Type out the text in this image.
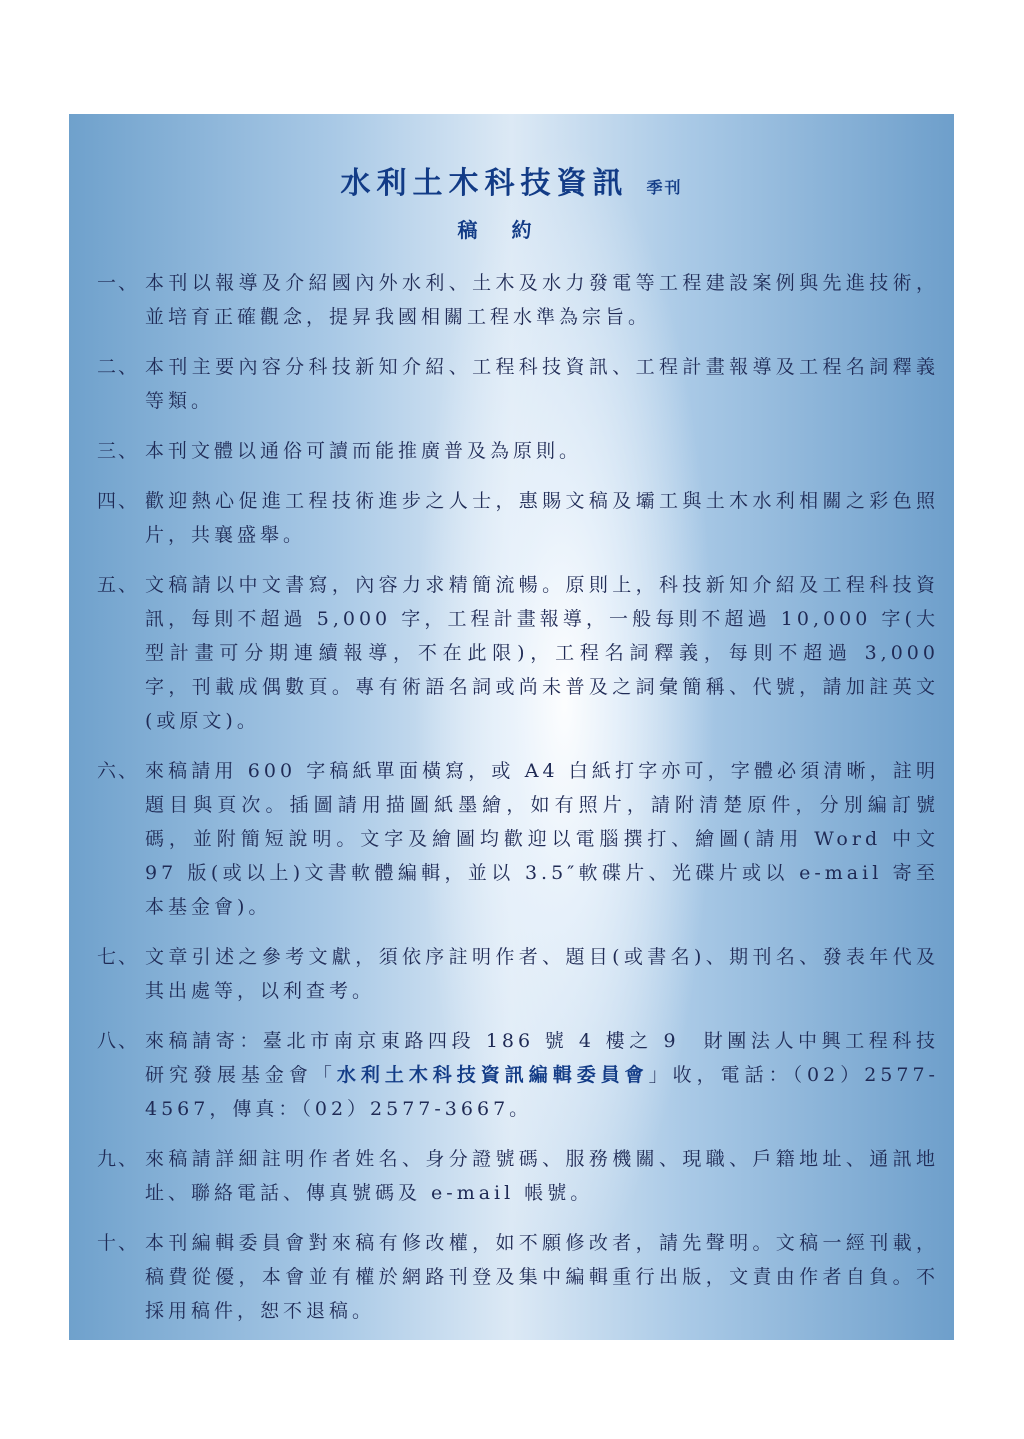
水利土木科技資訊 季刊
稿約
一、 本刊以報導及介紹國內外水利、土木及水力發電等工程建設案例與先進技術，並培育正確觀念，提昇我國相關工程水準為宗旨。
二、 本刊主要內容分科技新知介紹、工程科技資訊、工程計畫報導及工程名詞釋義等類。
三、 本刊文體以通俗可讀而能推廣普及為原則。
四、 歡迎熱心促進工程技術進步之人士，惠賜文稿及壩工與土木水利相關之彩色照片，共襄盛舉。
五、 文稿請以中文書寫，內容力求精簡流暢。原則上，科技新知介紹及工程科技資訊，每則不超過 5,000 字，工程計畫報導，一般每則不超過 10,000 字(大型計畫可分期連續報導，不在此限)，工程名詞釋義，每則不超過 3,000 字，刊載成偶數頁。專有術語名詞或尚未普及之詞彙簡稱、代號，請加註英文(或原文)。
六、 來稿請用 600 字稿紙單面橫寫，或 A4 白紙打字亦可，字體必須清晰，註明題目與頁次。插圖請用描圖紙墨繪，如有照片，請附清楚原件，分別編訂號碼，並附簡短說明。文字及繪圖均歡迎以電腦撰打、繪圖(請用 Word 中文 97 版(或以上)文書軟體編輯，並以 3.5″軟碟片、光碟片或以 e-mail 寄至本基金會)。
七、 文章引述之參考文獻，須依序註明作者、題目(或書名)、期刊名、發表年代及其出處等，以利查考。
八、 來稿請寄：臺北市南京東路四段 186 號 4 樓之 9　財團法人中興工程科技研究發展基金會「水利土木科技資訊編輯委員會」收，電話：（02）2577-4567，傳真：（02）2577-3667。
九、 來稿請詳細註明作者姓名、身分證號碼、服務機關、現職、戶籍地址、通訊地址、聯絡電話、傳真號碼及 e-mail 帳號。
十、 本刊編輯委員會對來稿有修改權，如不願修改者，請先聲明。文稿一經刊載，稿費從優，本會並有權於網路刊登及集中編輯重行出版，文責由作者自負。不採用稿件，恕不退稿。
